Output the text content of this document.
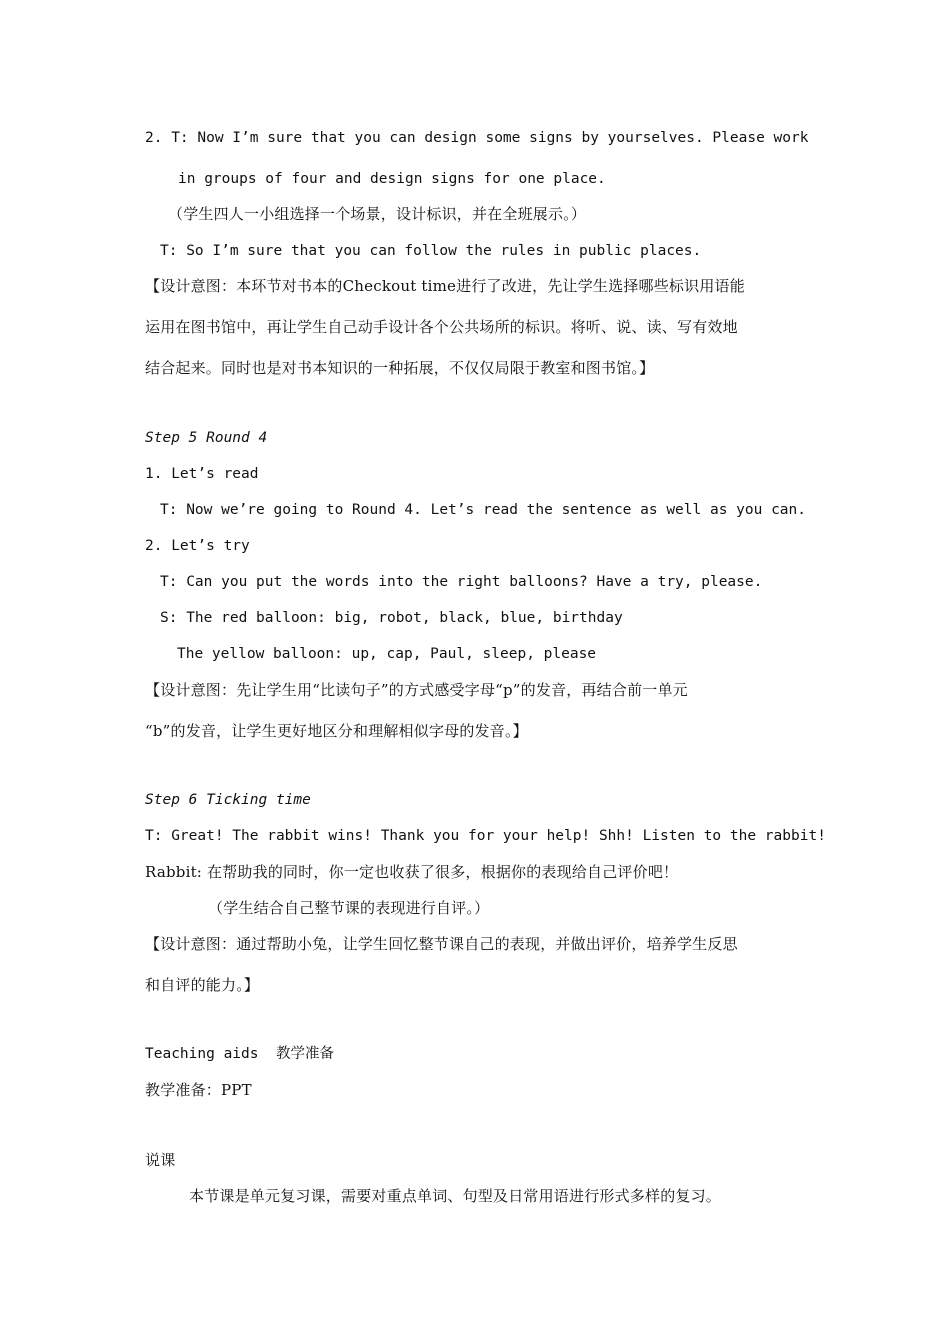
2. T: Now I’m sure that you can design some signs by yourselves. Please work
in groups of four and design signs for one place.
（学生四人一小组选择一个场景，设计标识，并在全班展示。）
T: So I’m sure that you can follow the rules in public places.
【设计意图：本环节对书本的Checkout time进行了改进，先让学生选择哪些标识用语能
运用在图书馆中，再让学生自己动手设计各个公共场所的标识。将听、说、读、写有效地
结合起来。同时也是对书本知识的一种拓展，不仅仅局限于教室和图书馆。】
Step 5 Round 4
1. Let’s read
T: Now we’re going to Round 4. Let’s read the sentence as well as you can.
2. Let’s try
T: Can you put the words into the right balloons? Have a try, please.
S: The red balloon: big, robot, black, blue, birthday
The yellow balloon: up, cap, Paul, sleep, please
【设计意图：先让学生用“比读句子”的方式感受字母“p”的发音，再结合前一单元
“b”的发音，让学生更好地区分和理解相似字母的发音。】
Step 6 Ticking time
T: Great! The rabbit wins! Thank you for your help! Shh! Listen to the rabbit!
Rabbit: 在帮助我的同时，你一定也收获了很多，根据你的表现给自己评价吧！
（学生结合自己整节课的表现进行自评。）
【设计意图：通过帮助小兔，让学生回忆整节课自己的表现，并做出评价，培养学生反思
和自评的能力。】
Teaching aids  教学准备
教学准备：PPT
说课
本节课是单元复习课，需要对重点单词、句型及日常用语进行形式多样的复习。
